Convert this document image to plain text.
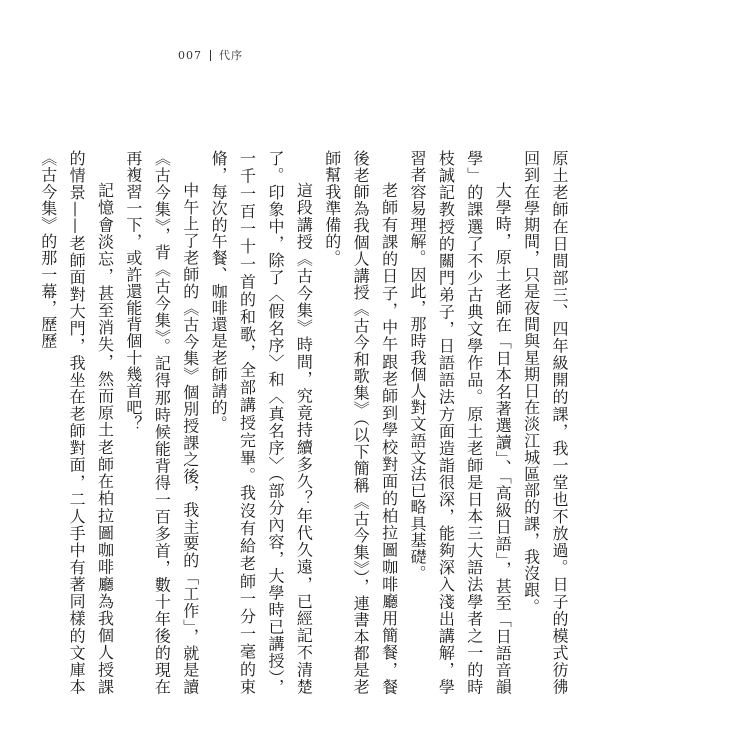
007 代序

原土老師在日間部三、四年級開的課，我一堂也不放過。日子的模式彷彿回到在學期間，只是夜間與星期日在淡江城區部的課，我沒跟。

大學時，原土老師在「日本名著選讀」、「高級日語」，甚至「日語音韻學」的課選了不少古典文學作品。原土老師是日本三大語法學者之一的時枝誠記教授的關門弟子，日語語法方面造詣很深，能夠深入淺出講解，學習者容易理解。因此，那時我個人對文語文法已略具基礎。

老師有課的日子，中午跟老師到學校對面的柏拉圖咖啡廳用簡餐，餐後老師為我個人講授《古今和歌集》（以下簡稱《古今集》），連書本都是老師幫我準備的。

這段講授《古今集》時間，究竟持續多久？年代久遠，已經記不清楚了。印象中，除了〈假名序〉和〈真名序〉（部分內容，大學時已講授），一千一百一十一首的和歌，全部講授完畢。我沒有給老師一分一毫的束脩，每次的午餐、咖啡還是老師請的。

中午上了老師的《古今集》個別授課之後，我主要的「工作」，就是讀《古今集》，背《古今集》。記得那時候能背得一百多首，數十年後的現在再複習一下，或許還能背個十幾首吧？

記憶會淡忘，甚至消失，然而原土老師在柏拉圖咖啡廳為我個人授課的情景——老師面對大門，我坐在老師對面，二人手中有著同樣的文庫本《古今集》的那一幕，歷歷
